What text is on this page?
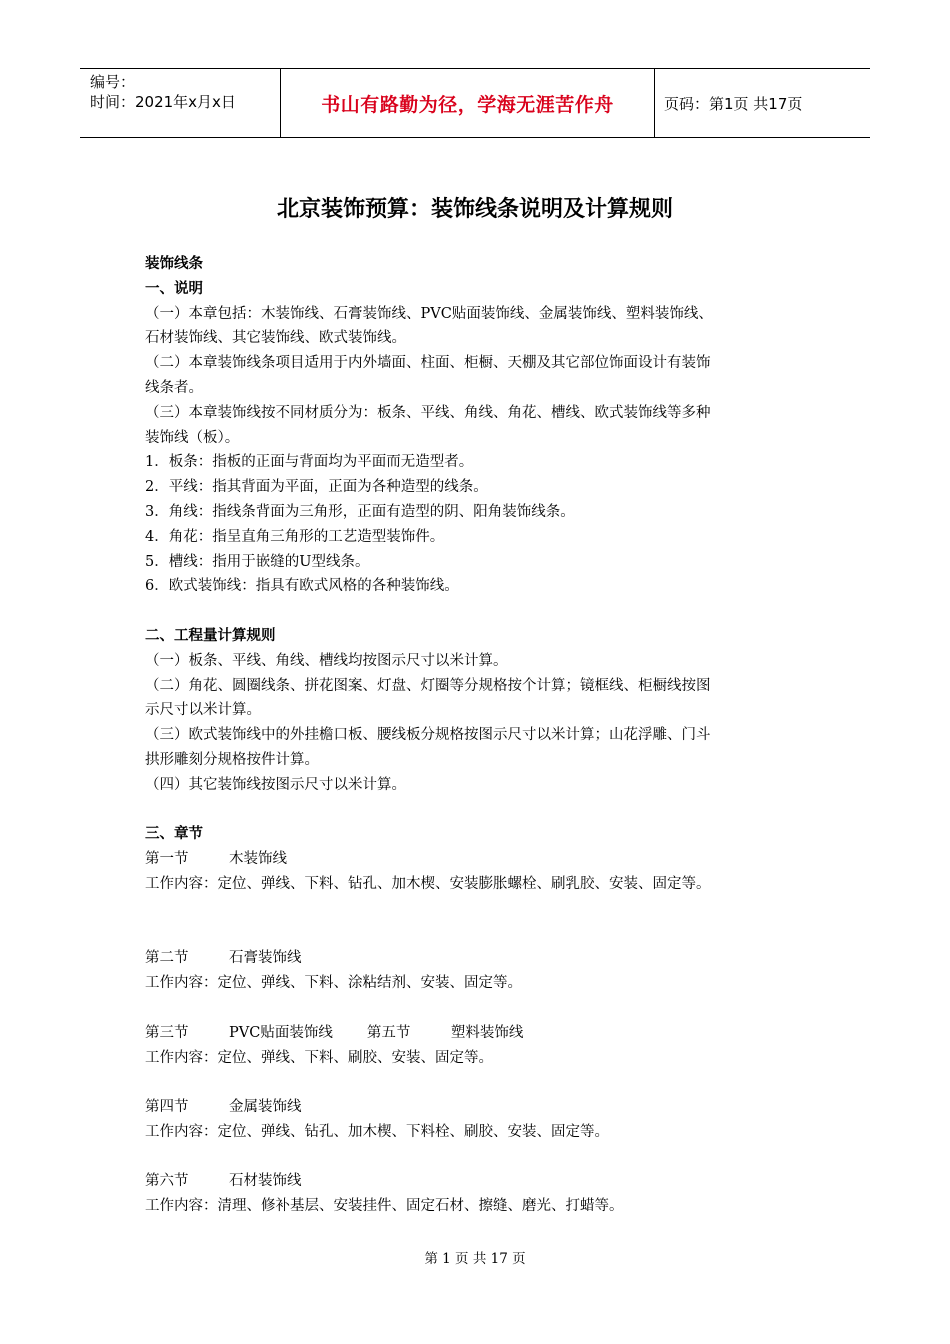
编号：
时间：2021年x月x日	书山有路勤为径，学海无涯苦作舟	页码：第1页 共17页
北京装饰预算：装饰线条说明及计算规则

装饰线条

一、说明

（一）本章包括：木装饰线、石膏装饰线、PVC贴面装饰线、金属装饰线、塑料装饰线、

石材装饰线、其它装饰线、欧式装饰线。

（二）本章装饰线条项目适用于内外墙面、柱面、柜橱、天棚及其它部位饰面设计有装饰

线条者。

（三）本章装饰线按不同材质分为：板条、平线、角线、角花、槽线、欧式装饰线等多种

装饰线（板）。

1．板条：指板的正面与背面均为平面而无造型者。

2．平线：指其背面为平面，正面为各种造型的线条。

3．角线：指线条背面为三角形，正面有造型的阴、阳角装饰线条。

4．角花：指呈直角三角形的工艺造型装饰件。

5．槽线：指用于嵌缝的U型线条。

6．欧式装饰线：指具有欧式风格的各种装饰线。

二、工程量计算规则

（一）板条、平线、角线、槽线均按图示尺寸以米计算。

（二）角花、圆圈线条、拼花图案、灯盘、灯圈等分规格按个计算；镜框线、柜橱线按图

示尺寸以米计算。

（三）欧式装饰线中的外挂檐口板、腰线板分规格按图示尺寸以米计算；山花浮雕、门斗

拱形雕刻分规格按件计算。

（四）其它装饰线按图示尺寸以米计算。

三、章节

第一节	木装饰线

工作内容：定位、弹线、下料、钻孔、加木楔、安装膨胀螺栓、刷乳胶、安装、固定等。

第二节	石膏装饰线

工作内容：定位、弹线、下料、涂粘结剂、安装、固定等。

第三节	PVC贴面装饰线 第五节	塑料装饰线

工作内容：定位、弹线、下料、刷胶、安装、固定等。

第四节	金属装饰线

工作内容：定位、弹线、钻孔、加木楔、下料栓、刷胶、安装、固定等。

第六节	石材装饰线

工作内容：清理、修补基层、安装挂件、固定石材、擦缝、磨光、打蜡等。

第 1 页 共 17 页
